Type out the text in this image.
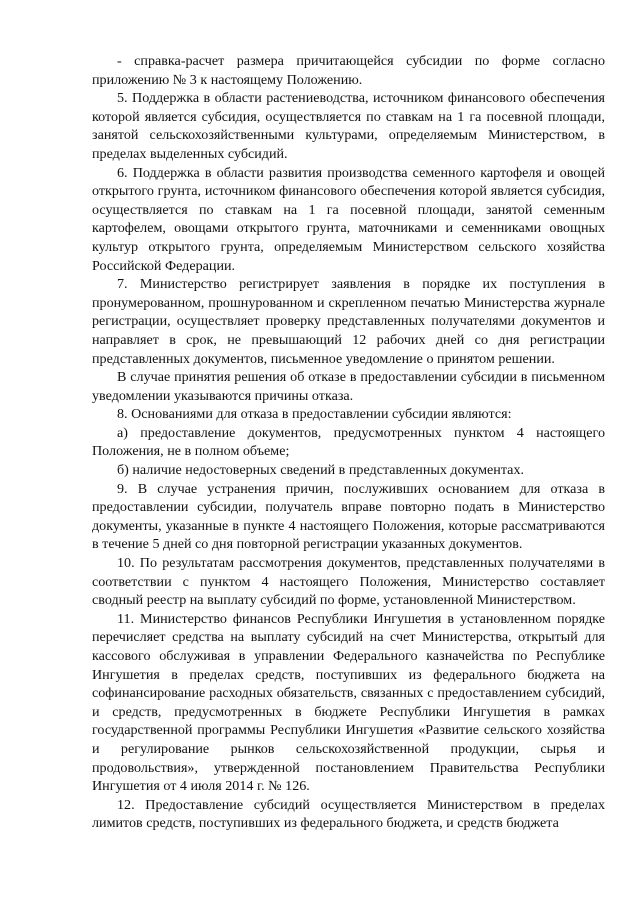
- справка-расчет размера причитающейся субсидии по форме согласно приложению № 3 к настоящему Положению.

5. Поддержка в области растениеводства, источником финансового обеспечения которой является субсидия, осуществляется по ставкам на 1 га посевной площади, занятой сельскохозяйственными культурами, определяемым Министерством, в пределах выделенных субсидий.

6. Поддержка в области развития производства семенного картофеля и овощей открытого грунта, источником финансового обеспечения которой является субсидия, осуществляется по ставкам на 1 га посевной площади, занятой семенным картофелем, овощами открытого грунта, маточниками и семенниками овощных культур открытого грунта, определяемым Министерством сельского хозяйства Российской Федерации.

7. Министерство регистрирует заявления в порядке их поступления в пронумерованном, прошнурованном и скрепленном печатью Министерства журнале регистрации, осуществляет проверку представленных получателями документов и направляет в срок, не превышающий 12 рабочих дней со дня регистрации представленных документов, письменное уведомление о принятом решении.

В случае принятия решения об отказе в предоставлении субсидии в письменном уведомлении указываются причины отказа.

8. Основаниями для отказа в предоставлении субсидии являются:

а) предоставление документов, предусмотренных пунктом 4 настоящего Положения, не в полном объеме;

б) наличие недостоверных сведений в представленных документах.

9. В случае устранения причин, послуживших основанием для отказа в предоставлении субсидии, получатель вправе повторно подать в Министерство документы, указанные в пункте 4 настоящего Положения, которые рассматриваются в течение 5 дней со дня повторной регистрации указанных документов.

10. По результатам рассмотрения документов, представленных получателями в соответствии с пунктом 4 настоящего Положения, Министерство составляет сводный реестр на выплату субсидий по форме, установленной Министерством.

11. Министерство финансов Республики Ингушетия в установленном порядке перечисляет средства на выплату субсидий на счет Министерства, открытый для кассового обслуживая в управлении Федерального казначейства по Республике Ингушетия в пределах средств, поступивших из федерального бюджета на софинансирование расходных обязательств, связанных с предоставлением субсидий, и средств, предусмотренных в бюджете Республики Ингушетия в рамках государственной программы Республики Ингушетия «Развитие сельского хозяйства и регулирование рынков сельскохозяйственной продукции, сырья и продовольствия», утвержденной постановлением Правительства Республики Ингушетия от 4 июля 2014 г. № 126.

12. Предоставление субсидий осуществляется Министерством в пределах лимитов средств, поступивших из федерального бюджета, и средств бюджета
